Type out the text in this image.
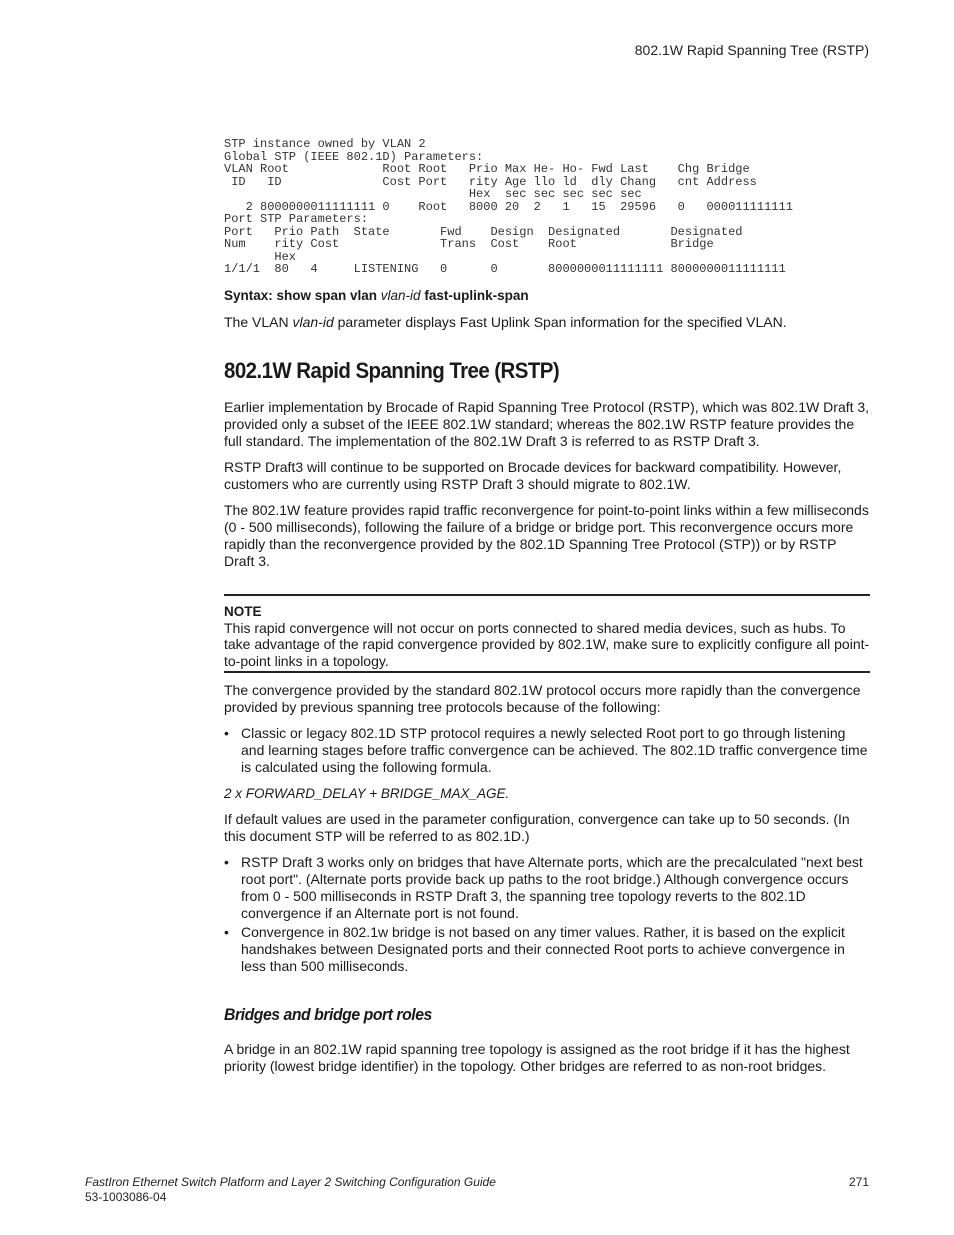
802.1W Rapid Spanning Tree (RSTP)
STP instance owned by VLAN 2
Global STP (IEEE 802.1D) Parameters:
VLAN Root             Root Root   Prio Max He- Ho- Fwd Last    Chg Bridge
ID   ID              Cost Port   rity Age llo ld  dly Chang   cnt Address
Hex  sec sec sec sec sec
2 8000000011111111 0    Root   8000 20  2   1   15  29596   0   000011111111
Port STP Parameters:
Port   Prio Path  State       Fwd    Design  Designated       Designated
Num    rity Cost              Trans  Cost    Root             Bridge
Hex
1/1/1  80   4     LISTENING   0      0       8000000011111111 8000000011111111
Syntax: show span vlan vlan-id fast-uplink-span

The VLAN vlan-id parameter displays Fast Uplink Span information for the specified VLAN.

802.1W Rapid Spanning Tree (RSTP)

Earlier implementation by Brocade of Rapid Spanning Tree Protocol (RSTP), which was 802.1W Draft 3, provided only a subset of the IEEE 802.1W standard; whereas the 802.1W RSTP feature provides the full standard. The implementation of the 802.1W Draft 3 is referred to as RSTP Draft 3.

RSTP Draft3 will continue to be supported on Brocade devices for backward compatibility. However, customers who are currently using RSTP Draft 3 should migrate to 802.1W.

The 802.1W feature provides rapid traffic reconvergence for point-to-point links within a few milliseconds (0 - 500 milliseconds), following the failure of a bridge or bridge port. This reconvergence occurs more rapidly than the reconvergence provided by the 802.1D Spanning Tree Protocol (STP)) or by RSTP Draft 3.

NOTE

This rapid convergence will not occur on ports connected to shared media devices, such as hubs. To take advantage of the rapid convergence provided by 802.1W, make sure to explicitly configure all point-to-point links in a topology.

The convergence provided by the standard 802.1W protocol occurs more rapidly than the convergence provided by previous spanning tree protocols because of the following:

• Classic or legacy 802.1D STP protocol requires a newly selected Root port to go through listening and learning stages before traffic convergence can be achieved. The 802.1D traffic convergence time is calculated using the following formula.
2 x FORWARD_DELAY + BRIDGE_MAX_AGE.

If default values are used in the parameter configuration, convergence can take up to 50 seconds. (In this document STP will be referred to as 802.1D.)

• RSTP Draft 3 works only on bridges that have Alternate ports, which are the precalculated "next best root port". (Alternate ports provide back up paths to the root bridge.) Although convergence occurs from 0 - 500 milliseconds in RSTP Draft 3, the spanning tree topology reverts to the 802.1D convergence if an Alternate port is not found.
• Convergence in 802.1w bridge is not based on any timer values. Rather, it is based on the explicit handshakes between Designated ports and their connected Root ports to achieve convergence in less than 500 milliseconds.
Bridges and bridge port roles

A bridge in an 802.1W rapid spanning tree topology is assigned as the root bridge if it has the highest priority (lowest bridge identifier) in the topology. Other bridges are referred to as non-root bridges.

FastIron Ethernet Switch Platform and Layer 2 Switching Configuration Guide
53-1003086-04
271
